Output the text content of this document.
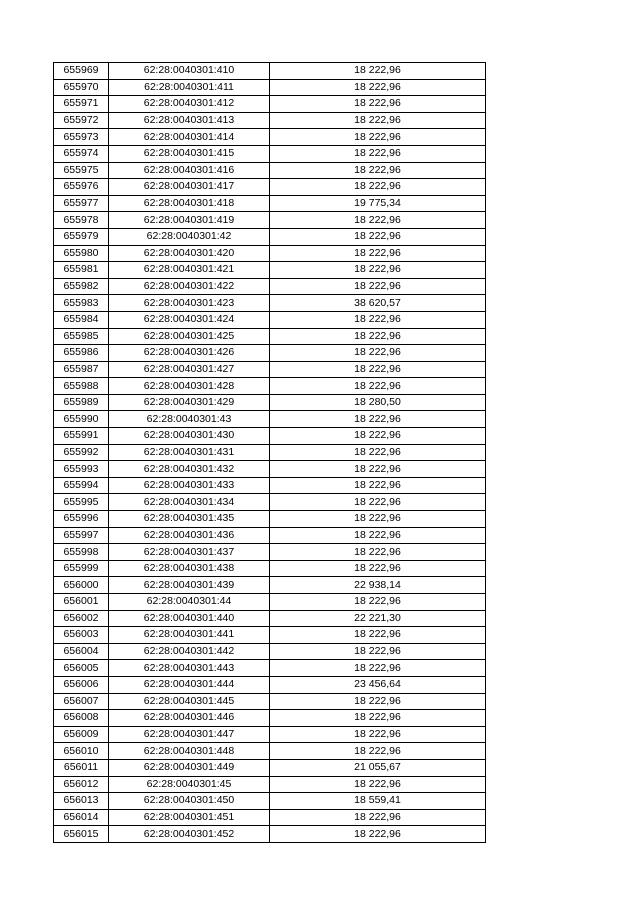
655969	62:28:0040301:410	18 222,96
655970	62:28:0040301:411	18 222,96
655971	62:28:0040301:412	18 222,96
655972	62:28:0040301:413	18 222,96
655973	62:28:0040301:414	18 222,96
655974	62:28:0040301:415	18 222,96
655975	62:28:0040301:416	18 222,96
655976	62:28:0040301:417	18 222,96
655977	62:28:0040301:418	19 775,34
655978	62:28:0040301:419	18 222,96
655979	62:28:0040301:42	18 222,96
655980	62:28:0040301:420	18 222,96
655981	62:28:0040301:421	18 222,96
655982	62:28:0040301:422	18 222,96
655983	62:28:0040301:423	38 620,57
655984	62:28:0040301:424	18 222,96
655985	62:28:0040301:425	18 222,96
655986	62:28:0040301:426	18 222,96
655987	62:28:0040301:427	18 222,96
655988	62:28:0040301:428	18 222,96
655989	62:28:0040301:429	18 280,50
655990	62:28:0040301:43	18 222,96
655991	62:28:0040301:430	18 222,96
655992	62:28:0040301:431	18 222,96
655993	62:28:0040301:432	18 222,96
655994	62:28:0040301:433	18 222,96
655995	62:28:0040301:434	18 222,96
655996	62:28:0040301:435	18 222,96
655997	62:28:0040301:436	18 222,96
655998	62:28:0040301:437	18 222,96
655999	62:28:0040301:438	18 222,96
656000	62:28:0040301:439	22 938,14
656001	62:28:0040301:44	18 222,96
656002	62:28:0040301:440	22 221,30
656003	62:28:0040301:441	18 222,96
656004	62:28:0040301:442	18 222,96
656005	62:28:0040301:443	18 222,96
656006	62:28:0040301:444	23 456,64
656007	62:28:0040301:445	18 222,96
656008	62:28:0040301:446	18 222,96
656009	62:28:0040301:447	18 222,96
656010	62:28:0040301:448	18 222,96
656011	62:28:0040301:449	21 055,67
656012	62:28:0040301:45	18 222,96
656013	62:28:0040301:450	18 559,41
656014	62:28:0040301:451	18 222,96
656015	62:28:0040301:452	18 222,96
